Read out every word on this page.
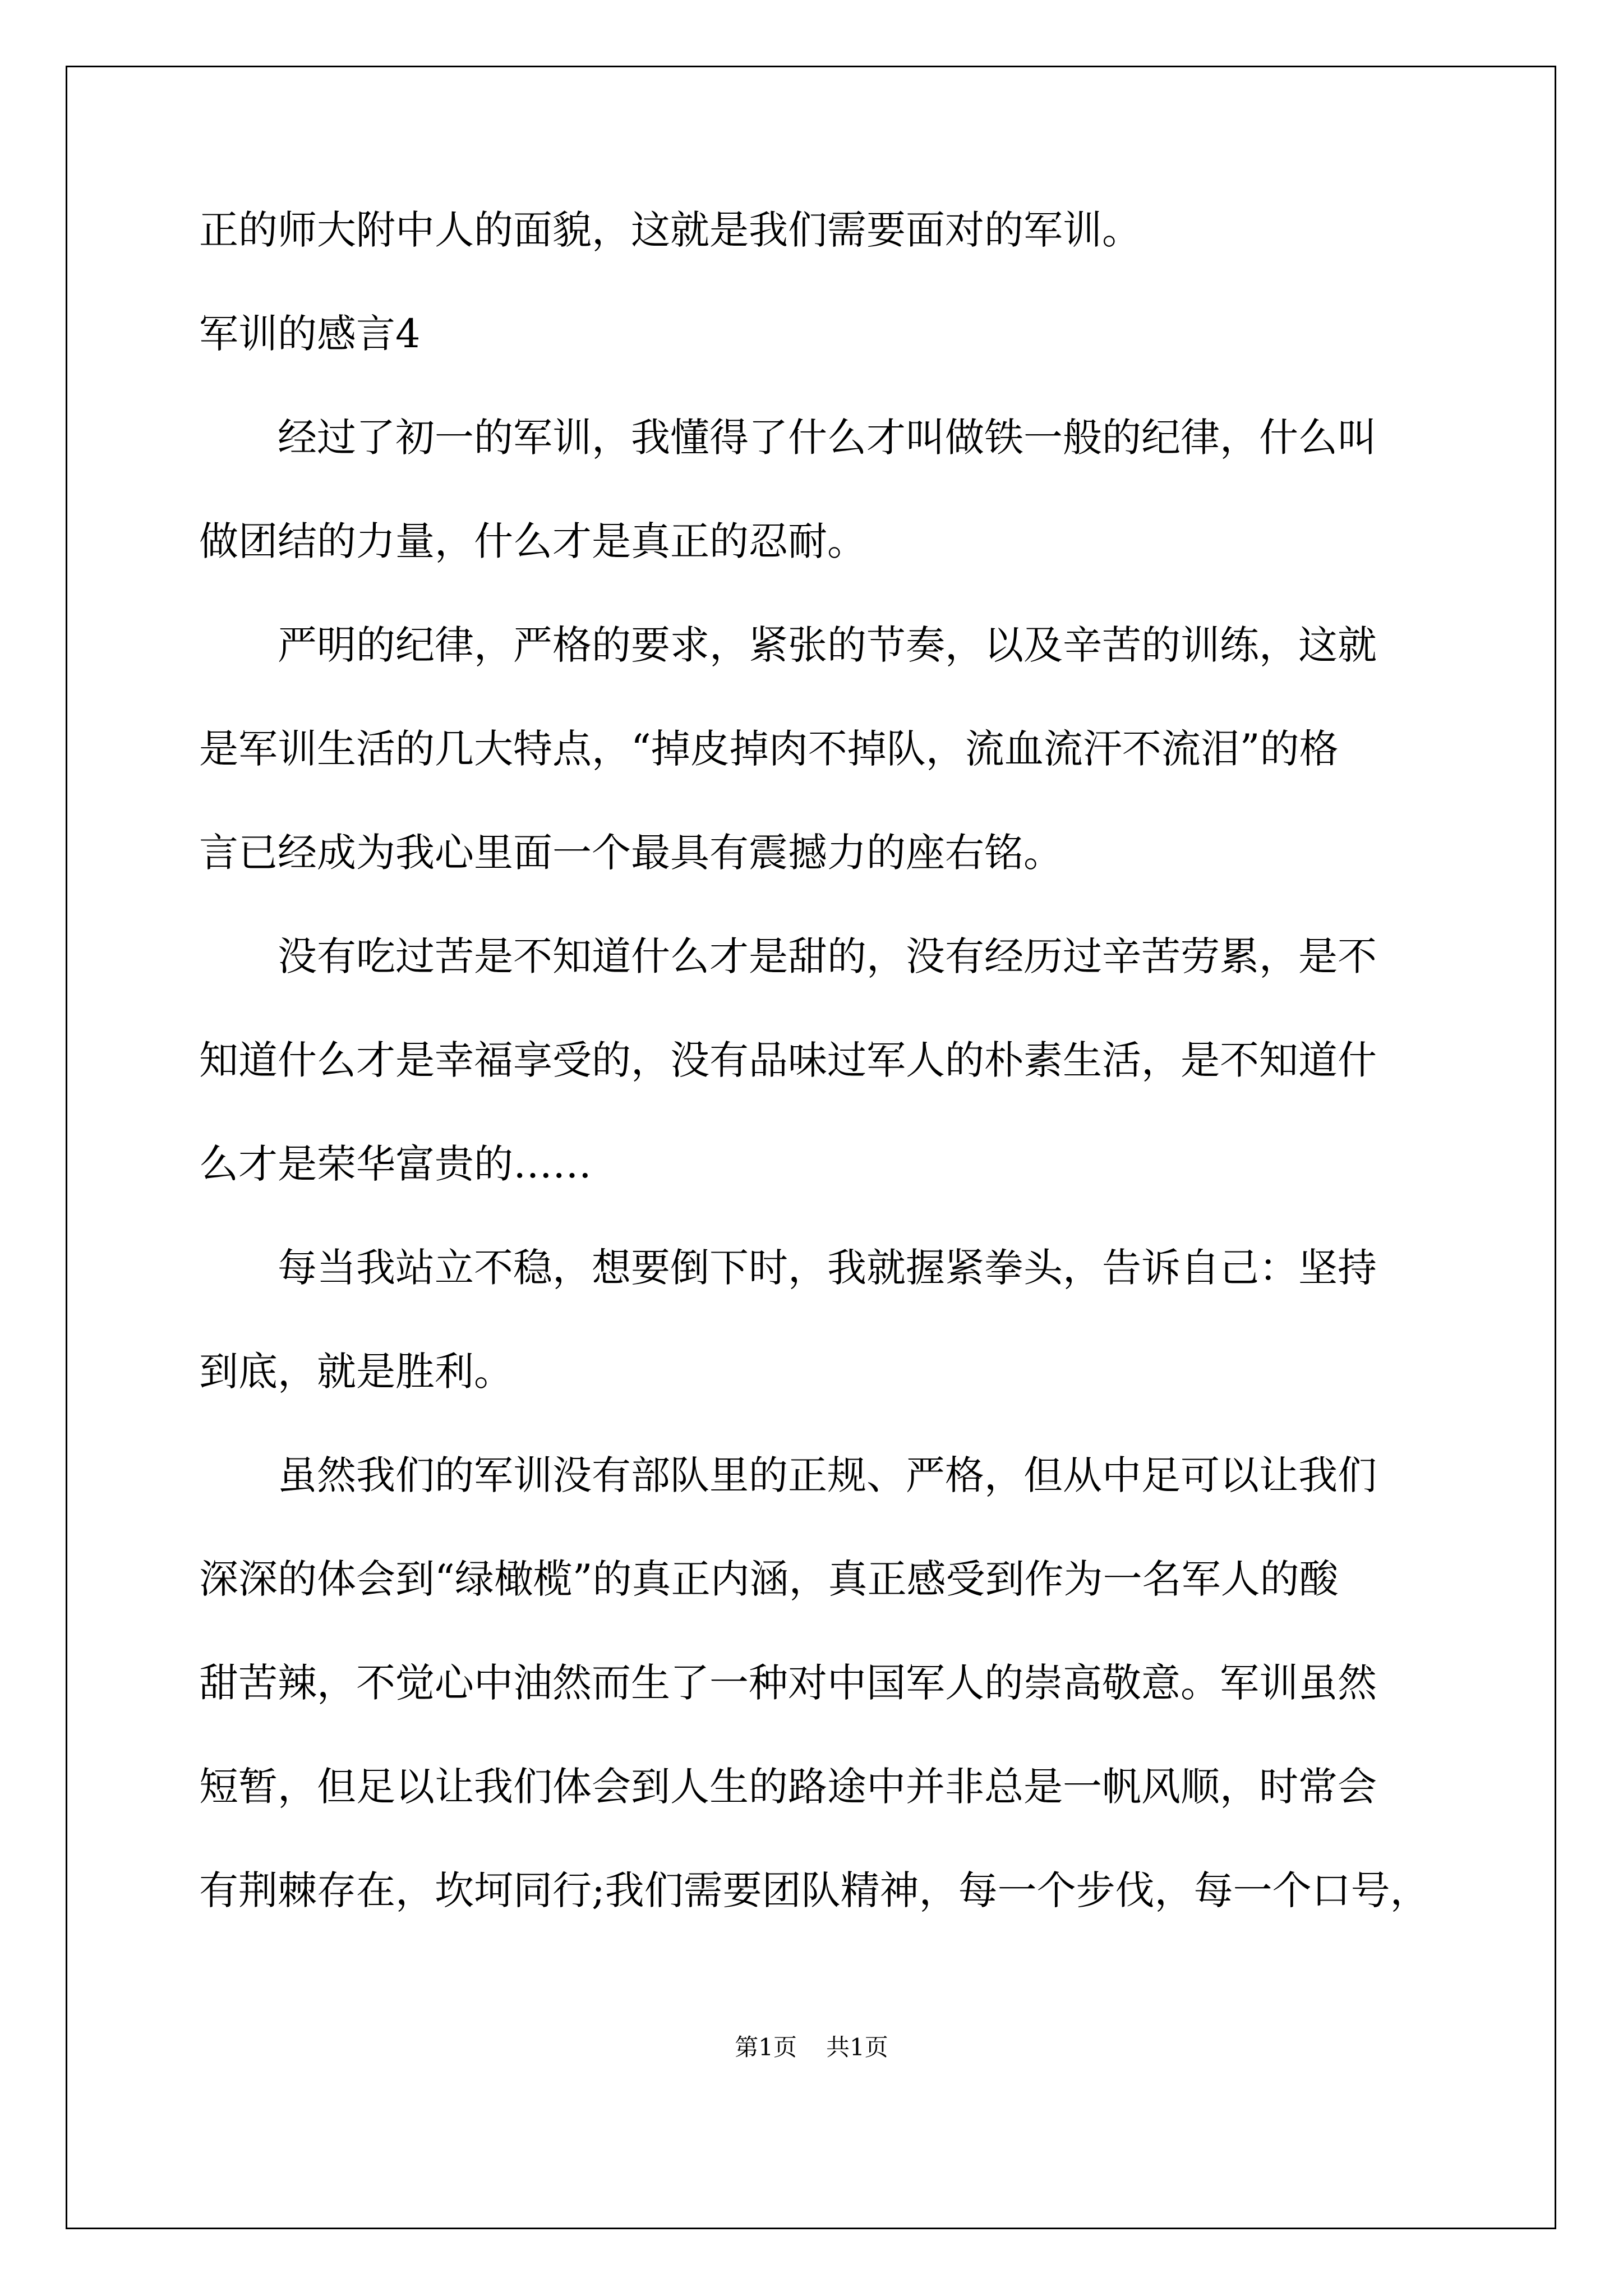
正的师大附中人的面貌，这就是我们需要面对的军训。
军训的感言4
　　经过了初一的军训，我懂得了什么才叫做铁一般的纪律，什么叫
做团结的力量，什么才是真正的忍耐。
　　严明的纪律，严格的要求，紧张的节奏，以及辛苦的训练，这就
是军训生活的几大特点，“掉皮掉肉不掉队，流血流汗不流泪”的格
言已经成为我心里面一个最具有震撼力的座右铭。
　　没有吃过苦是不知道什么才是甜的，没有经历过辛苦劳累，是不
知道什么才是幸福享受的，没有品味过军人的朴素生活，是不知道什
么才是荣华富贵的……
　　每当我站立不稳，想要倒下时，我就握紧拳头，告诉自己：坚持
到底，就是胜利。
　　虽然我们的军训没有部队里的正规、严格，但从中足可以让我们
深深的体会到“绿橄榄”的真正内涵，真正感受到作为一名军人的酸
甜苦辣，不觉心中油然而生了一种对中国军人的崇高敬意。军训虽然
短暂，但足以让我们体会到人生的路途中并非总是一帆风顺，时常会
有荆棘存在，坎坷同行;我们需要团队精神，每一个步伐，每一个口号，
第1页 共1页
